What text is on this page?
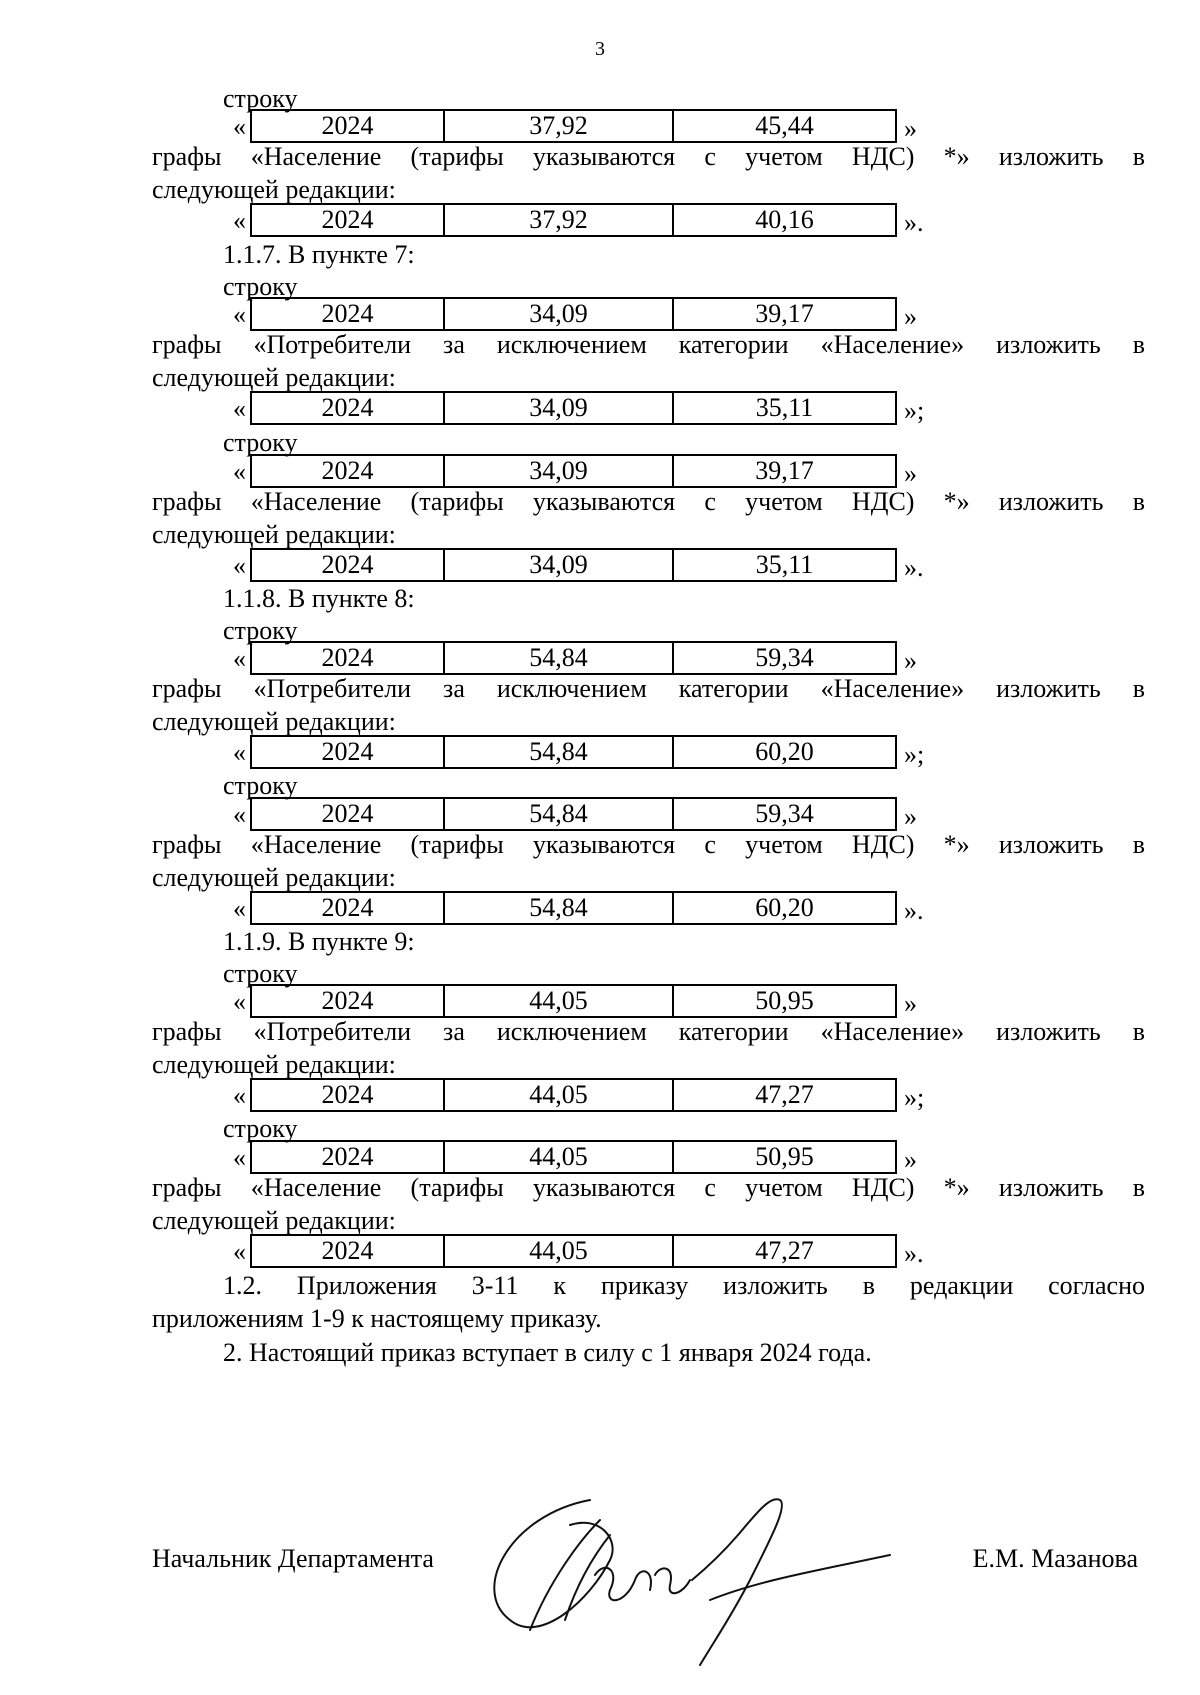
3
строку
«	2024	37,92	45,44	»
графы «Население (тарифы указываются с учетом НДС) *» изложить в
следующей редакции:
«	2024	37,92	40,16	».
1.1.7. В пункте 7:
строку
«	2024	34,09	39,17	»
графы «Потребители за исключением категории «Население» изложить в
следующей редакции:
«	2024	34,09	35,11	»;
строку
«	2024	34,09	39,17	»
графы «Население (тарифы указываются с учетом НДС) *» изложить в
следующей редакции:
«	2024	34,09	35,11	».
1.1.8. В пункте 8:
строку
«	2024	54,84	59,34	»
графы «Потребители за исключением категории «Население» изложить в
следующей редакции:
«	2024	54,84	60,20	»;
строку
«	2024	54,84	59,34	»
графы «Население (тарифы указываются с учетом НДС) *» изложить в
следующей редакции:
«	2024	54,84	60,20	».
1.1.9. В пункте 9:
строку
«	2024	44,05	50,95	»
графы «Потребители за исключением категории «Население» изложить в
следующей редакции:
«	2024	44,05	47,27	»;
строку
«	2024	44,05	50,95	»
графы «Население (тарифы указываются с учетом НДС) *» изложить в
следующей редакции:
«	2024	44,05	47,27	».
1.2. Приложения 3-11 к приказу изложить в редакции согласно
приложениям 1-9 к настоящему приказу.
2. Настоящий приказ вступает в силу с 1 января 2024 года.
Начальник Департамента	Е.М. Мазанова
